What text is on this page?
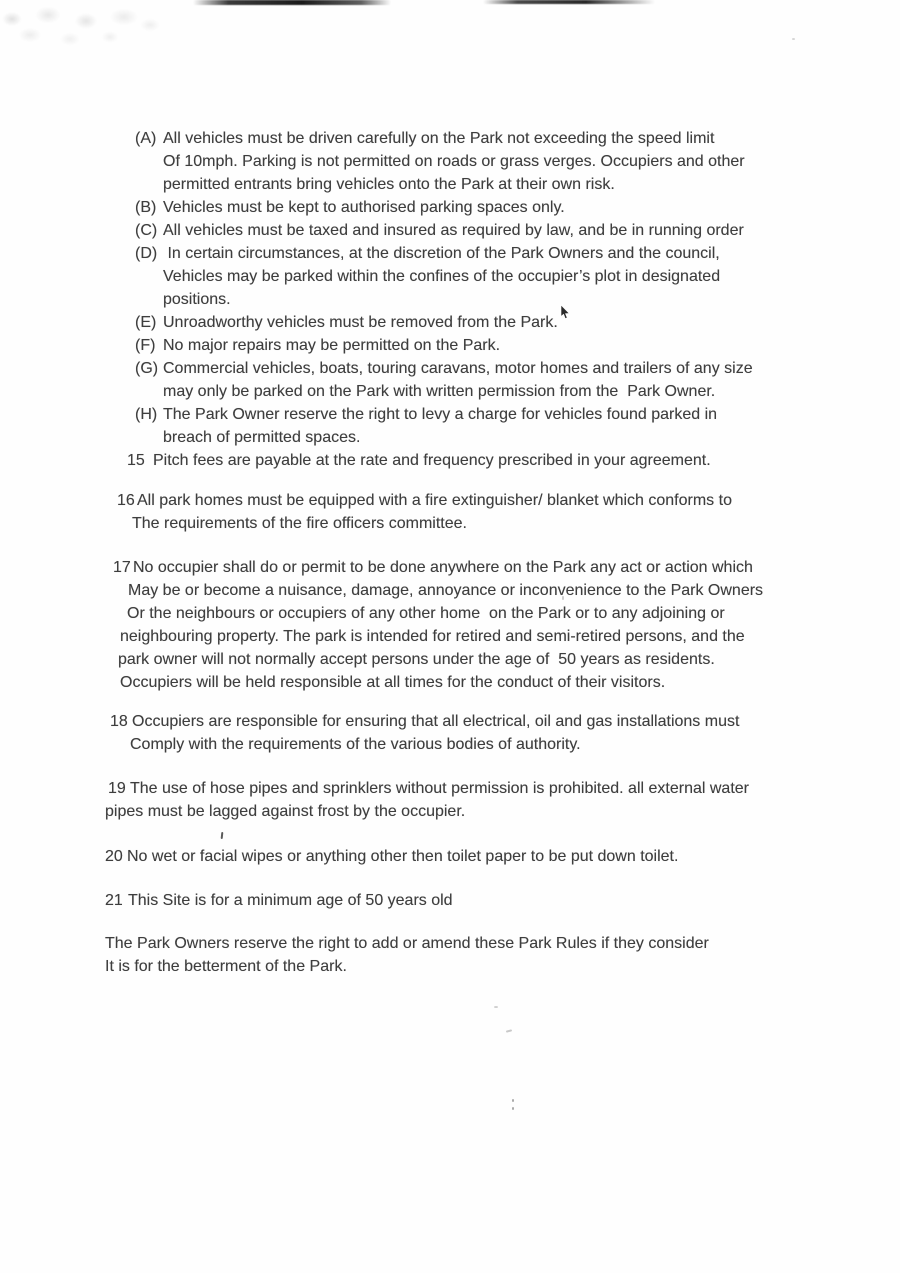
(A) All vehicles must be driven carefully on the Park not exceeding the speed limit
Of 10mph. Parking is not permitted on roads or grass verges. Occupiers and other
permitted entrants bring vehicles onto the Park at their own risk.
(B) Vehicles must be kept to authorised parking spaces only.
(C) All vehicles must be taxed and insured as required by law, and be in running order
(D) In certain circumstances, at the discretion of the Park Owners and the council,
Vehicles may be parked within the confines of the occupier’s plot in designated
positions.
(E) Unroadworthy vehicles must be removed from the Park.
(F) No major repairs may be permitted on the Park.
(G) Commercial vehicles, boats, touring caravans, motor homes and trailers of any size
may only be parked on the Park with written permission from the  Park Owner.
(H) The Park Owner reserve the right to levy a charge for vehicles found parked in
breach of permitted spaces.
15 Pitch fees are payable at the rate and frequency prescribed in your agreement.
16 All park homes must be equipped with a fire extinguisher/ blanket which conforms to
The requirements of the fire officers committee.
17 No occupier shall do or permit to be done anywhere on the Park any act or action which
May be or become a nuisance, damage, annoyance or inconvenience to the Park Owners
Or the neighbours or occupiers of any other home  on the Park or to any adjoining or
neighbouring property. The park is intended for retired and semi-retired persons, and the
park owner will not normally accept persons under the age of  50 years as residents.
Occupiers will be held responsible at all times for the conduct of their visitors.
18 Occupiers are responsible for ensuring that all electrical, oil and gas installations must
Comply with the requirements of the various bodies of authority.
19 The use of hose pipes and sprinklers without permission is prohibited. all external water
pipes must be lagged against frost by the occupier.
20 No wet or facial wipes or anything other then toilet paper to be put down toilet.
21 This Site is for a minimum age of 50 years old
The Park Owners reserve the right to add or amend these Park Rules if they consider
It is for the betterment of the Park.
